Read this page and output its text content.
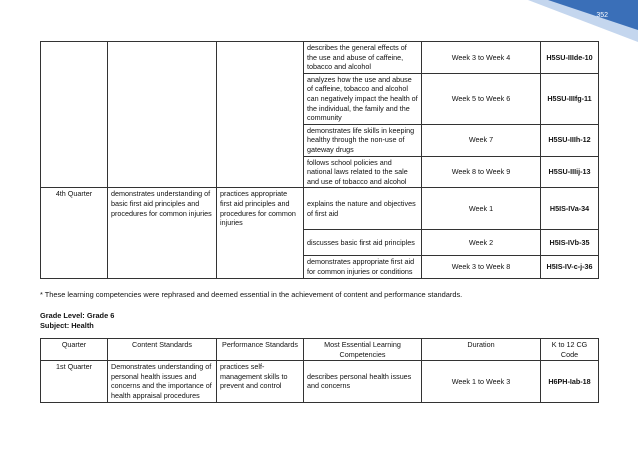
352
			describes the general effects of the use and abuse of caffeine, tobacco and alcohol	Week 3 to Week 4	H5SU-IIIde-10
			analyzes how the use and abuse of caffeine, tobacco and alcohol can negatively impact the health of the individual, the family and the community	Week 5 to Week 6	H5SU-IIIfg-11
			demonstrates life skills in keeping healthy through the non-use of gateway drugs	Week 7	H5SU-IIIh-12
			follows school policies and national laws related to the sale and use of tobacco and alcohol	Week 8 to Week 9	H5SU-IIIij-13
4th Quarter	demonstrates understanding of basic first aid principles and procedures for common injuries	practices appropriate first aid principles and procedures for common injuries	explains the nature and objectives of first aid	Week 1	H5IS-IVa-34
			discusses basic first aid principles	Week 2	H5IS-IVb-35
			demonstrates appropriate first aid for common injuries or conditions	Week 3 to Week 8	H5IS-IV-c-j-36
* These learning competencies were rephrased and deemed essential in the achievement of content and performance standards.
Grade Level: Grade 6
Subject: Health
Quarter	Content Standards	Performance Standards	Most Essential Learning Competencies	Duration	K to 12 CG Code
1st Quarter	Demonstrates understanding of personal health issues and concerns and the importance of health appraisal procedures	practices self-management skills to prevent and control	describes personal health issues and concerns	Week 1 to Week 3	H6PH-Iab-18
